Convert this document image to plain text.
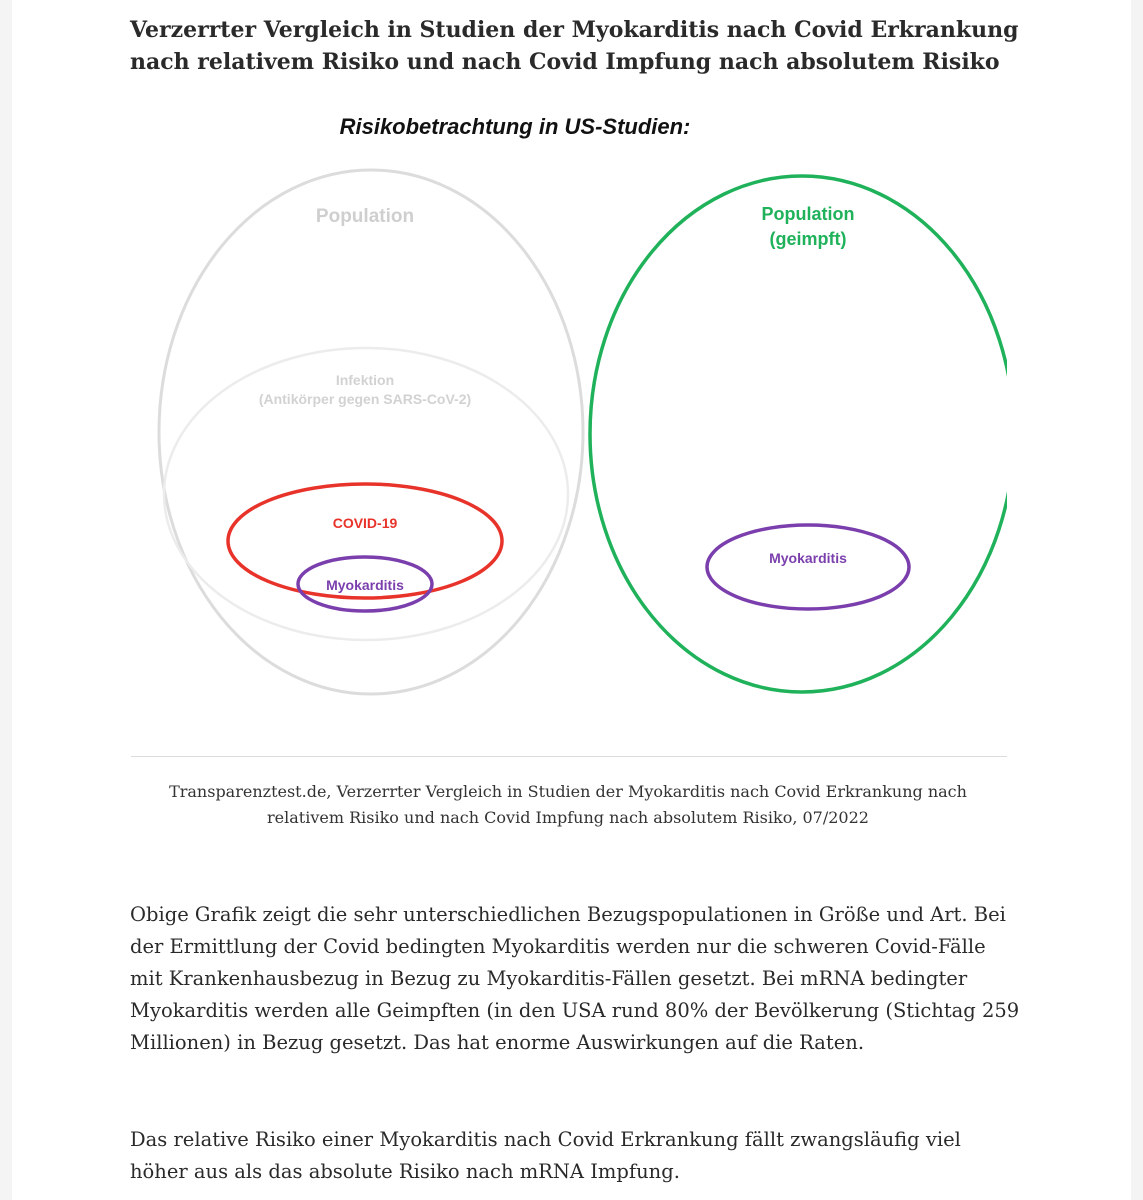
Verzerrter Vergleich in Studien der Myokarditis nach Covid Erkrankung nach relativem Risiko und nach Covid Impfung nach absolutem Risiko
Risikobetrachtung in US-Studien:
Population
Infektion
(Antikörper gegen SARS-CoV-2)
COVID-19
Myokarditis
Population
(geimpft)
Myokarditis

Transparenztest.de, Verzerrter Vergleich in Studien der Myokarditis nach Covid Erkrankung nach relativem Risiko und nach Covid Impfung nach absolutem Risiko, 07/2022

Obige Grafik zeigt die sehr unterschiedlichen Bezugspopulationen in Größe und Art. Bei der Ermittlung der Covid bedingten Myokarditis werden nur die schweren Covid-Fälle mit Krankenhausbezug in Bezug zu Myokarditis-Fällen gesetzt. Bei mRNA bedingter Myokarditis werden alle Geimpften (in den USA rund 80% der Bevölkerung (Stichtag 259 Millionen) in Bezug gesetzt. Das hat enorme Auswirkungen auf die Raten.

Das relative Risiko einer Myokarditis nach Covid Erkrankung fällt zwangsläufig viel höher aus als das absolute Risiko nach mRNA Impfung.
